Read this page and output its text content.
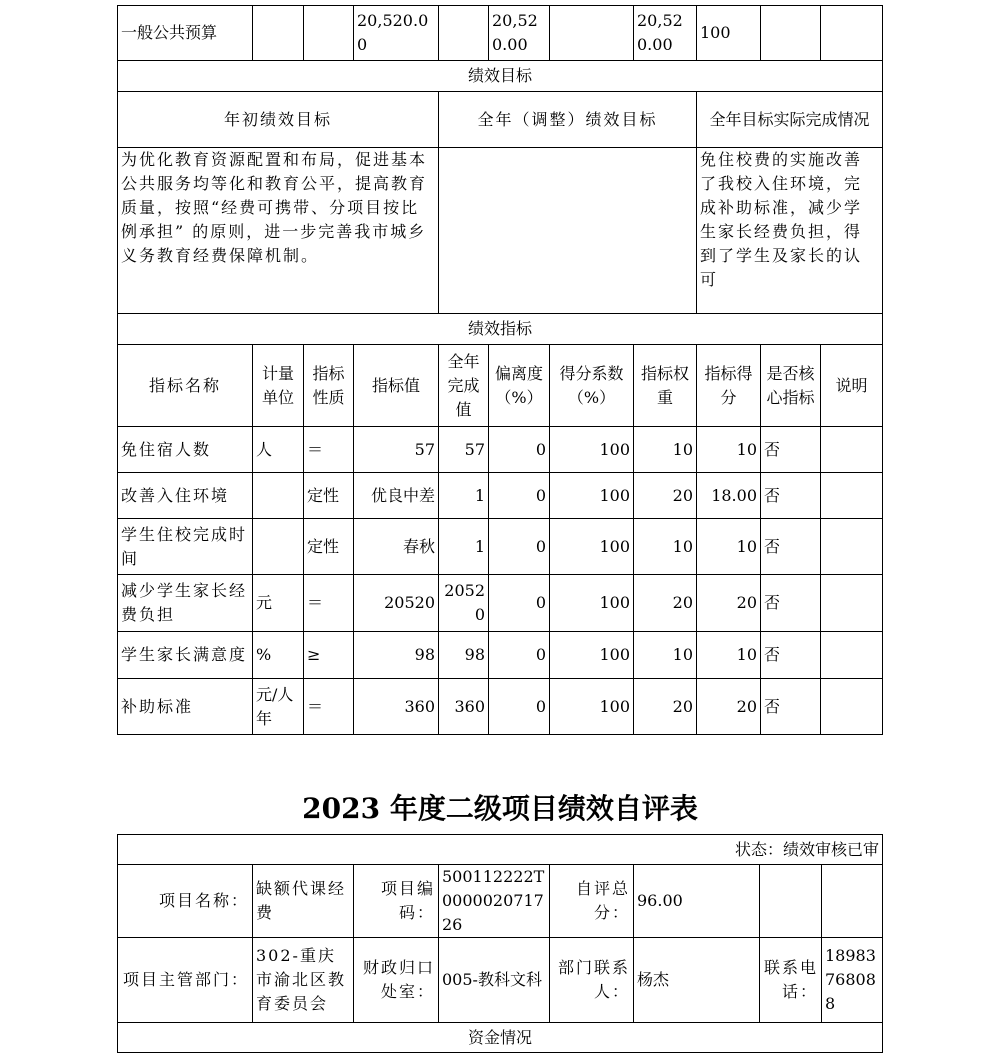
一般公共预算			20,520.00		20,520.00		20,520.00	100		
绩效目标										
年初绩效目标				全年（调整）绩效目标				全年目标实际完成情况		
为优化教育资源配置和布局，促进基本公共服务均等化和教育公平，提高教育质量，按照“经费可携带、分项目按比例承担” 的原则，进一步完善我市城乡义务教育经费保障机制。								免住校费的实施改善了我校入住环境，完成补助标准，减少学生家长经费负担，得到了学生及家长的认可		
绩效指标										
指标名称	计量单位	指标性质	指标值	全年完成值	偏离度（%）	得分系数（%）	指标权重	指标得分	是否核心指标	说明
免住宿人数	人	＝	57	57	0	100	10	10	否	
改善入住环境		定性	优良中差	1	0	100	20	18.00	否	
学生住校完成时间		定性	春秋	1	0	100	10	10	否	
减少学生家长经费负担	元	＝	20520	20520	0	100	20	20	否	
学生家长满意度	%	≥	98	98	0	100	10	10	否	
补助标准	元/人年	＝	360	360	0	100	20	20	否	
2023 年度二级项目绩效自评表
状态：绩效审核已审							
项目名称：	缺额代课经费	项目编码：	500112222T000002071726	自评总分：	96.00		
项目主管部门：	302-重庆市渝北区教育委员会	财政归口处室：	005-教科文科	部门联系人：	杨杰	联系电话：	18983768088
资金情况							
